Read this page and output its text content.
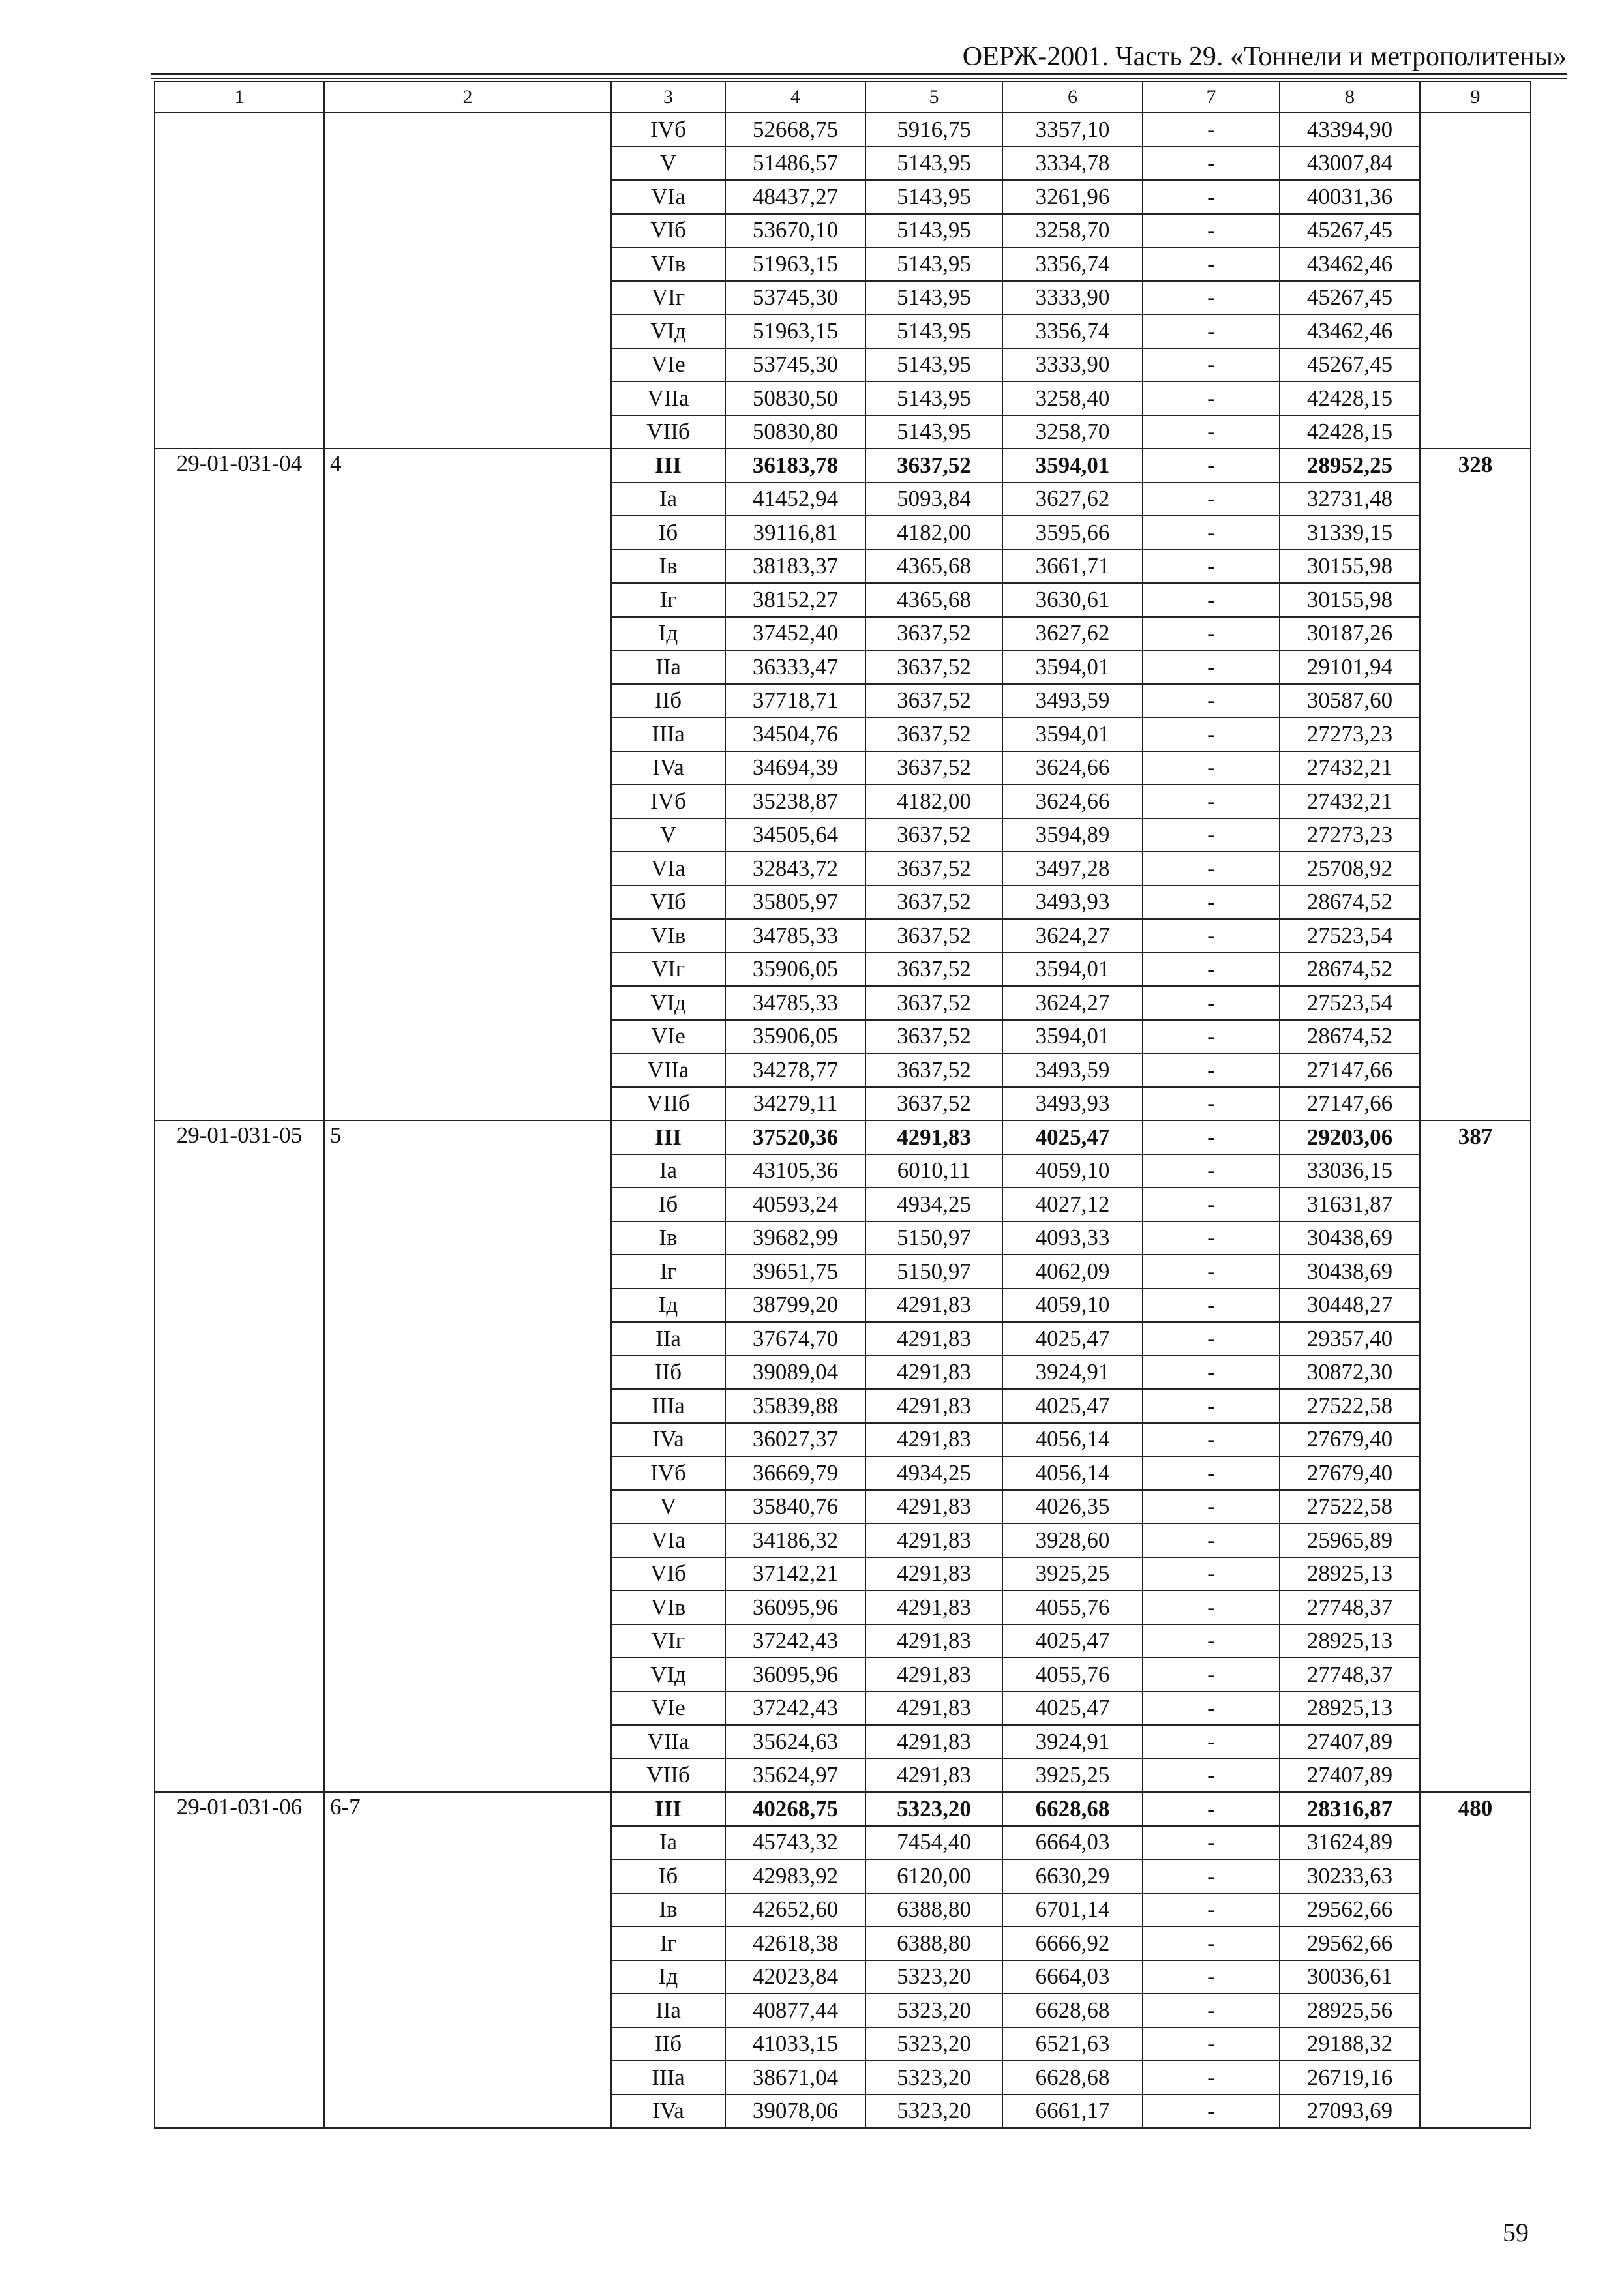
ОЕРЖ-2001. Часть 29. «Тоннели и метрополитены»
1	2	3	4	5	6	7	8	9
		IVб	52668,75	5916,75	3357,10	-	43394,90	
		V	51486,57	5143,95	3334,78	-	43007,84	
		VIa	48437,27	5143,95	3261,96	-	40031,36	
		VIб	53670,10	5143,95	3258,70	-	45267,45	
		VIв	51963,15	5143,95	3356,74	-	43462,46	
		VIг	53745,30	5143,95	3333,90	-	45267,45	
		VIд	51963,15	5143,95	3356,74	-	43462,46	
		VIe	53745,30	5143,95	3333,90	-	45267,45	
		VIIa	50830,50	5143,95	3258,40	-	42428,15	
		VIIб	50830,80	5143,95	3258,70	-	42428,15	
29-01-031-04	4	III	36183,78	3637,52	3594,01	-	28952,25	328
		Ia	41452,94	5093,84	3627,62	-	32731,48	
		Iб	39116,81	4182,00	3595,66	-	31339,15	
		Iв	38183,37	4365,68	3661,71	-	30155,98	
		Iг	38152,27	4365,68	3630,61	-	30155,98	
		Iд	37452,40	3637,52	3627,62	-	30187,26	
		IIa	36333,47	3637,52	3594,01	-	29101,94	
		IIб	37718,71	3637,52	3493,59	-	30587,60	
		IIIa	34504,76	3637,52	3594,01	-	27273,23	
		IVa	34694,39	3637,52	3624,66	-	27432,21	
		IVб	35238,87	4182,00	3624,66	-	27432,21	
		V	34505,64	3637,52	3594,89	-	27273,23	
		VIa	32843,72	3637,52	3497,28	-	25708,92	
		VIб	35805,97	3637,52	3493,93	-	28674,52	
		VIв	34785,33	3637,52	3624,27	-	27523,54	
		VIг	35906,05	3637,52	3594,01	-	28674,52	
		VIд	34785,33	3637,52	3624,27	-	27523,54	
		VIe	35906,05	3637,52	3594,01	-	28674,52	
		VIIa	34278,77	3637,52	3493,59	-	27147,66	
		VIIб	34279,11	3637,52	3493,93	-	27147,66	
29-01-031-05	5	III	37520,36	4291,83	4025,47	-	29203,06	387
		Ia	43105,36	6010,11	4059,10	-	33036,15	
		Iб	40593,24	4934,25	4027,12	-	31631,87	
		Iв	39682,99	5150,97	4093,33	-	30438,69	
		Iг	39651,75	5150,97	4062,09	-	30438,69	
		Iд	38799,20	4291,83	4059,10	-	30448,27	
		IIa	37674,70	4291,83	4025,47	-	29357,40	
		IIб	39089,04	4291,83	3924,91	-	30872,30	
		IIIa	35839,88	4291,83	4025,47	-	27522,58	
		IVa	36027,37	4291,83	4056,14	-	27679,40	
		IVб	36669,79	4934,25	4056,14	-	27679,40	
		V	35840,76	4291,83	4026,35	-	27522,58	
		VIa	34186,32	4291,83	3928,60	-	25965,89	
		VIб	37142,21	4291,83	3925,25	-	28925,13	
		VIв	36095,96	4291,83	4055,76	-	27748,37	
		VIг	37242,43	4291,83	4025,47	-	28925,13	
		VIд	36095,96	4291,83	4055,76	-	27748,37	
		VIe	37242,43	4291,83	4025,47	-	28925,13	
		VIIa	35624,63	4291,83	3924,91	-	27407,89	
		VIIб	35624,97	4291,83	3925,25	-	27407,89	
29-01-031-06	6-7	III	40268,75	5323,20	6628,68	-	28316,87	480
		Ia	45743,32	7454,40	6664,03	-	31624,89	
		Iб	42983,92	6120,00	6630,29	-	30233,63	
		Iв	42652,60	6388,80	6701,14	-	29562,66	
		Iг	42618,38	6388,80	6666,92	-	29562,66	
		Iд	42023,84	5323,20	6664,03	-	30036,61	
		IIa	40877,44	5323,20	6628,68	-	28925,56	
		IIб	41033,15	5323,20	6521,63	-	29188,32	
		IIIa	38671,04	5323,20	6628,68	-	26719,16	
		IVa	39078,06	5323,20	6661,17	-	27093,69	
59
